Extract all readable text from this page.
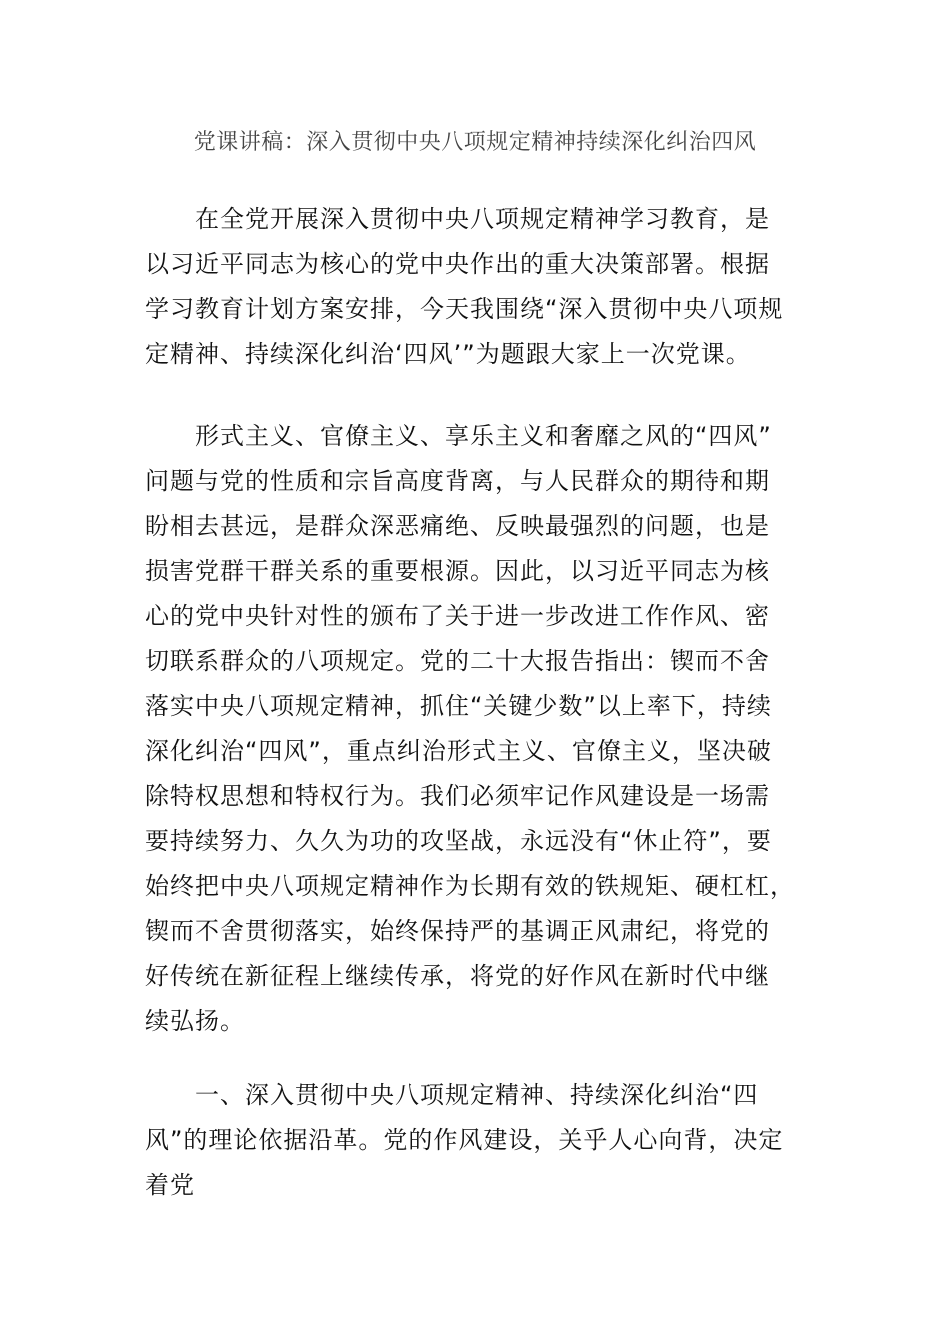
党课讲稿：深入贯彻中央八项规定精神持续深化纠治四风
在全党开展深入贯彻中央八项规定精神学习教育，是
以习近平同志为核心的党中央作出的重大决策部署。根据
学习教育计划方案安排，今天我围绕“深入贯彻中央八项规
定精神、持续深化纠治‘四风’”为题跟大家上一次党课。
形式主义、官僚主义、享乐主义和奢靡之风的“四风”
问题与党的性质和宗旨高度背离，与人民群众的期待和期
盼相去甚远，是群众深恶痛绝、反映最强烈的问题，也是
损害党群干群关系的重要根源。因此，以习近平同志为核
心的党中央针对性的颁布了关于进一步改进工作作风、密
切联系群众的八项规定。党的二十大报告指出：锲而不舍
落实中央八项规定精神，抓住“关键少数”以上率下，持续
深化纠治“四风”，重点纠治形式主义、官僚主义，坚决破
除特权思想和特权行为。我们必须牢记作风建设是一场需
要持续努力、久久为功的攻坚战，永远没有“休止符”，要
始终把中央八项规定精神作为长期有效的铁规矩、硬杠杠，
锲而不舍贯彻落实，始终保持严的基调正风肃纪，将党的
好传统在新征程上继续传承，将党的好作风在新时代中继
续弘扬。
一、深入贯彻中央八项规定精神、持续深化纠治“四
风”的理论依据沿革。党的作风建设，关乎人心向背，决定
着党
